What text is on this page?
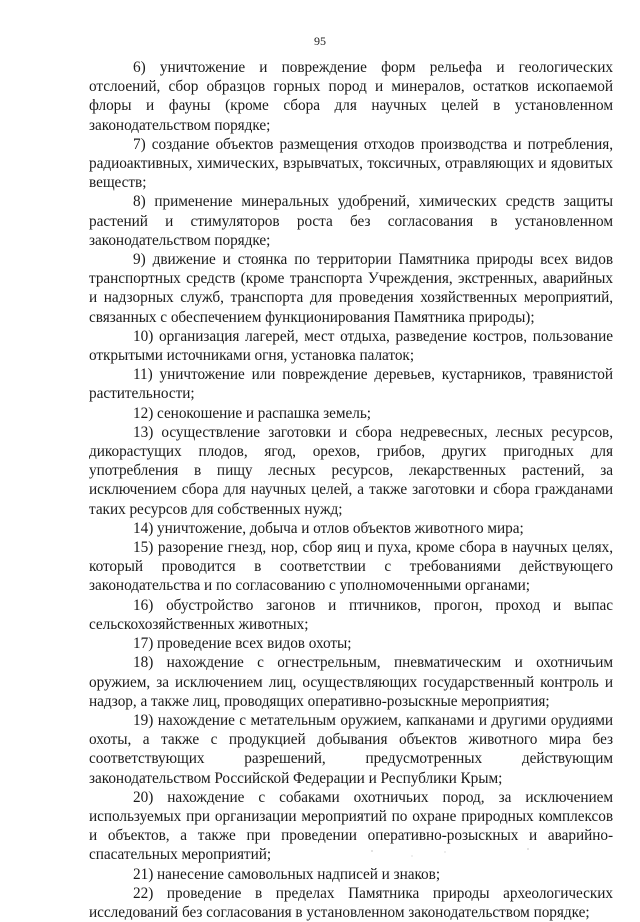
95

6) уничтожение и повреждение форм рельефа и геологических отслоений, сбор образцов горных пород и минералов, остатков ископаемой флоры и фауны (кроме сбора для научных целей в установленном законодательством порядке;

7) создание объектов размещения отходов производства и потребления, радиоактивных, химических, взрывчатых, токсичных, отравляющих и ядовитых веществ;

8) применение минеральных удобрений, химических средств защиты растений и стимуляторов роста без согласования в установленном законодательством порядке;

9) движение и стоянка по территории Памятника природы всех видов транспортных средств (кроме транспорта Учреждения, экстренных, аварийных и надзорных служб, транспорта для проведения хозяйственных мероприятий, связанных с обеспечением функционирования Памятника природы);

10) организация лагерей, мест отдыха, разведение костров, пользование открытыми источниками огня, установка палаток;

11) уничтожение или повреждение деревьев, кустарников, травянистой растительности;

12) сенокошение и распашка земель;

13) осуществление заготовки и сбора недревесных, лесных ресурсов, дикорастущих плодов, ягод, орехов, грибов, других пригодных для употребления в пищу лесных ресурсов, лекарственных растений, за исключением сбора для научных целей, а также заготовки и сбора гражданами таких ресурсов для собственных нужд;

14) уничтожение, добыча и отлов объектов животного мира;

15) разорение гнезд, нор, сбор яиц и пуха, кроме сбора в научных целях, который проводится в соответствии с требованиями действующего законодательства и по согласованию с уполномоченными органами;

16) обустройство загонов и птичников, прогон, проход и выпас сельскохозяйственных животных;

17) проведение всех видов охоты;

18) нахождение с огнестрельным, пневматическим и охотничьим оружием, за исключением лиц, осуществляющих государственный контроль и надзор, а также лиц, проводящих оперативно-розыскные мероприятия;

19) нахождение с метательным оружием, капканами и другими орудиями охоты, а также с продукцией добывания объектов животного мира без соответствующих разрешений, предусмотренных действующим законодательством Российской Федерации и Республики Крым;

20) нахождение с собаками охотничьих пород, за исключением используемых при организации мероприятий по охране природных комплексов и объектов, а также при проведении оперативно-розыскных и аварийно-спасательных мероприятий;

21) нанесение самовольных надписей и знаков;

22) проведение в пределах Памятника природы археологических исследований без согласования в установленном законодательством порядке;
